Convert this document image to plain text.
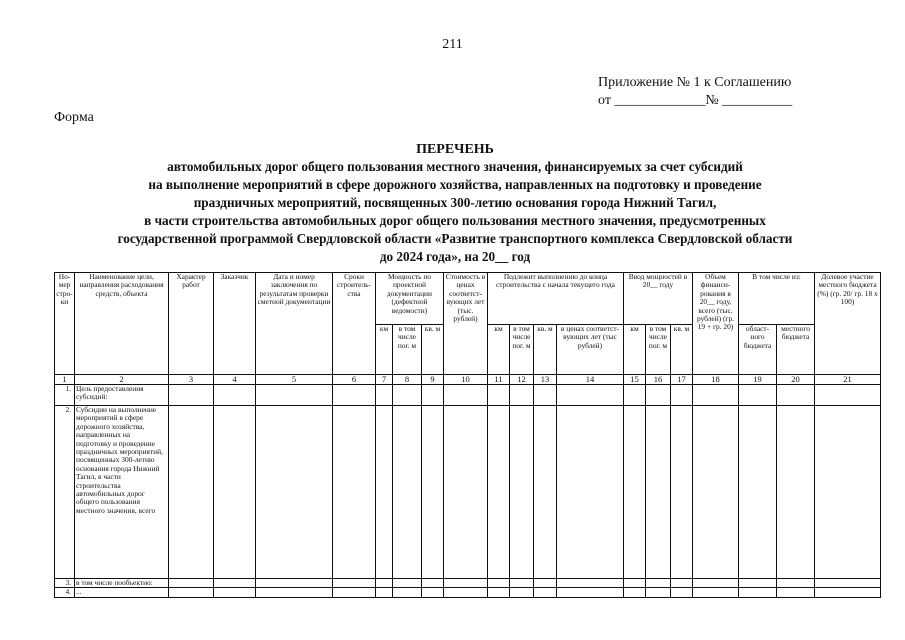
211
Приложение № 1 к Соглашению
от _____________№ __________
Форма
ПЕРЕЧЕНЬ
автомобильных дорог общего пользования местного значения, финансируемых за счет субсидий
на выполнение мероприятий в сфере дорожного хозяйства, направленных на подготовку и проведение
праздничных мероприятий, посвященных 300-летию основания города Нижний Тагил,
в части строительства автомобильных дорог общего пользования местного значения, предусмотренных
государственной программой Свердловской области «Развитие транспортного комплекса Свердловской области
до 2024 года», на 20__ год
Но-мер стро-ки	Наименование цели, направления расходования средств, объекта	Характер работ	Заказчик	Дата и номер заключения по результатам проверки сметной документации	Сроки строитель-ства	Мощность по проектной документации (дефектной ведомости)			Стоимость в ценах соответст-вующих лет (тыс. рублей)	Подлежит выполнению до конца строительства с начала текущего года				Ввод мощностей в 20__ году			Объем финанси-рования в 20__ году, всего (тыс. рублей) (гр. 19 + гр. 20)	В том числе из:		Долевое участие местного бюджета (%) (гр. 20/ гр. 18 x 100)
						км	в том числе пог. м	кв. м		км	в том числе пог. м	кв. м	в ценах соответст-вующих лет (тыс рублей)	км	в том числе пог. м	кв. м		област-ного бюджета	местного бюджета	
1	2	3	4	5	6	7	8	9	10	11	12	13	14	15	16	17	18	19	20	21
1.	Цель предоставления субсидий:																			
2.	Субсидии на выполнение мероприятий в сфере дорожного хозяйства, направленных на подготовку и проведение праздничных мероприятий, посвященных 300-летию основания города Нижний Тагил, в части строительства автомобильных дорог общего пользования местного значения, всего																			
3.	в том числе пообъектно:																			
4.	...																			
